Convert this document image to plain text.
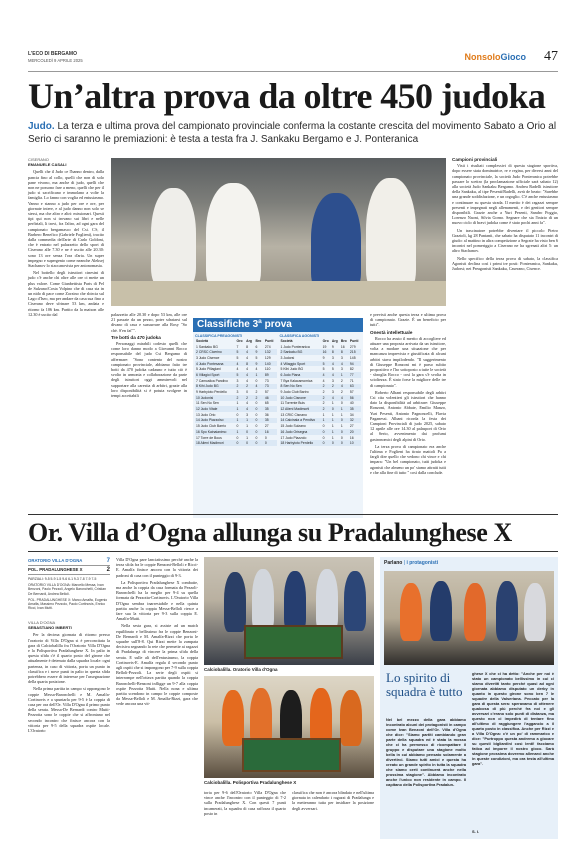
L'ECO DI BERGAMO
MERCOLEDÌ 9 APRILE 2025	NonsoloGioco 47
Un’altra prova da oltre 450 judoka
Judo. La terza e ultima prova del campionato provinciale conferma la costante crescita del movimento Sabato a Orio al Serio ci saranno le premiazioni: è testa a testa fra J. Sankaku Bergamo e J. Ponteranica
CISERANO
EMANUELE CASALI

Quelli che il Judo ce l'hanno dentro, dalla pancia fino al collo, quelli che non di solo pane vivono, ma anche di judo, quelli che non ne possono fare a meno, quelli che per il judo si sacrificano e immolano a volte la famiglia. Lo fanno con voglia ed entusiasmo. Vanno e stanno a judo per ore e ore, per giornate intere, e al judo danno non solo se stessi, ma che altro e altri: missionari. Questi tipi qui non si trovano sui libri e nelle perfiriali, li trovi, fra l'altro, ad ogni gara del campionato bergamasco del Csi. C'è, il Barbero Benefico (Gabriele Foglieni), tracito dalla commedia dell'arte di Carlo Goldoni, che è entrato nel palazzetto dello sport di Ciserano alle 7.30 e ne è uscito alle 20.30: sono 13 ore senza l'ora d'aria. Un super impegno e supergenio come neanche Aleksej Stachanov lo staccanovista per antonomasia.

Nel bottello degli istruttori cinesini di judo c'è anche chi oltre alle ore ci mette un plus valore. Come Gianbettista Paris di Pel de Sulzano/Costa Volpino che di casa sta in un nido di pace come Zorzino che sbircia sul Lago d'Iseo, ma per andare da casa sua fino a Ciserano deve sfrinare 53 km, andata e ritorno fa 106 km. Partito da la maison alle 12.30 è uscito dal	palazzetto alle 20.30 e dopo 53 km, alle ore 21 passate da un pezzo, poter sdraiarsi sul divano di casa e sussurrare alla Rosy "So chè. S'en fat"".

Tre botti da 470 judoka

Personaggi mirabili codesto quelli che come loro danno modo a Giovanni Rocco responsabile del judo Csi Bergamo di affermare: "Sono contento del nostro campionato provinciale, abbiamo fatto tre botti da 470 judoka cadauno e tutto ciò è svolto in armonia e collaborazione da parte degli istruttori oggi ammirevoli nel supportare alla carestia di arbitri, grazie alla loro disponibilità si è potuta svolgere in tempi accettabili

Classifiche 3ª prova
CLASSIFICA PREAGONISTI
Società	Oro	Arg	Bro	Punti
1 Sankaku BG	7	8	6	274
2 CRSC Cicerino	5	4	9	132
3 Judo Cisence	5	4	5	129
4 Judo Pontesana	4	8	9	140
5 Judo Pillaglani	4	4	4	110
6 Villagioi Sport	5	4	1	89
7 Camcalica Pandivo	3	4	0	73
8 Kihi Judo BG	2	2	4	73
9 Harbyioto Perdello	3	0	2	57
10 Judonisi	2	2	2	46
11 Sen No Sen	1	4	0	65
12 Judo Vitale	1	4	0	35
13 Judo Orio	0	3	0	36
14 Judo Piazzolso	1	1	0	35
15 Judo Club Barrio	0	1	0	27
16 Spo Kainaianimo	1	0	0	16
17 Torre de Bous	0	1	0	0
18 Alieni Madimori	0	0	0	0
CLASSIFICA AGONISTI
Società	Oro	Arg	Bro	Punti
1 Judo Ponteranica	19	9	16	279
2 Sankaku BG	16	8	8	215
3 Judorsi	9	3	3	145
4 Villaggio Sport	5	4	4	94
5 Kihi Judo BG	5	5	3	82
6 Judo Piana	4	4	1	77
7 Bya Kalacamomica	4	3	2	71
8 Sen No Sen	2	2	4	63
9 Judo Club Bariro	2	3	2	57
10 Judo Cisnone	2	4	4	56
11 Torrente Buis	2	1	0	40
12 Alieni Madimorti	2	0	1	35
13 CRIC Cisnano	1	1	1	34
14 Calcinala a Pendivo	1	1	0	32
15 Judo Sulzano	0	1	1	27
16 Judo Orisegna	0	1	0	20
17 Judo Piazzolo	0	1	0	16
18 Harbyioto Perdello	0	0	0	10

e previsti anche questa terza e ultima prova di campionato. Grazie. È un beneficio per tutti".

Onestà intellettuale

Rocco ha avuto il merito di accogliere ed attuare una proposta arrivata da un istruttore, volta a modare una situazione che per mancanza imprevista e giustificata di alcuni arbitri stava impilodendo. "Il suggerimento di Giuseppe Ronzoni mi è parso subito propositivo e l'ho sottoposto a tutte le società - sbroglia Rocco - così la gara s'è svolta in scioltezza. È stato forse la migliore delle tre di campionato".

Roberto Albani responsabile degli arbitri Csi cita volentieri gli istruttori che hanno dato la disponibilità ad arbitrare: Giuseppe Ronzoni, Antonio Abbate, Emilio Manzo, Yuri Pesenti, Antonio Pagnoncelli, Flavia Paganessi. Albani ricorda la festa dei Campioni Provinciali di judo 2025, sabato 12 aprile alle ore 14.30 al palasport di Orio al Serio, avvenimento dai profumi gastronomici degli alpini di Orio.

La terza prova di campionato era anche l'ultima e Foglieni ha tirato mattoli Pa a fargli dire quello che vedono chi vince e chi impara: "Un bel campionato, tutti judoka e agonisti che almeno un po' siamo attratti tutti e che alla fine di tutto " così dalla conclude.

Campioni provinciali

Visti i risultati complessivi di questa stagione sportiva, dopo essere stata dominatrice, re e regina, per diversi anni del campionato provinciale, la società Judo Ponteranica potrebbe passare lo scettro (la proclamazione ufficiale sarà sabato 12) alla società Judo Sankaku Bergamo. Andrea Radelli istruttore della Sankaku, al tipe Pesenti/Radelli, avrà de beato: "Sarebbe una grande soddisfazione, e un orgoglio. C'è anche entusiasmo e continuare su questa strada. Il merito è dei ragazzi sempre presenti e impegnati negli allenamenti, e dei genitori sempre disponibili. Grazie anche a Yuri Pesenti, Sandro Poggio, Lorenzo Naoni, Silvia Gorno. Segnare che sia l'inizio di un nuovo ciclo di bravi judoka come è stato pochi anni fa".

Un trascinatore potrebbe diventare il piccolo Pietro Grazioli, kg 28 Pantanii, che sabato ha disputato 11 incontri di giudo: al mattino in altra competizione a Segrate ha visto ben 6 incontri nel pomeriggio a Ciserano ne ha sgrenati altri 5: un altro Stachanov.

Nello specifico della terza prova di sabato, la classifica Agonisti declina così i primi tre posti: Ponteranica, Sankaku, Judorsi; nei Preagonisti Sankaku, Caserano, Cisence.

Or. Villa d’Ogna allunga su Pradalunghese X
ORATORIO VILLA D'OGNA	7
POL. PRADALUNGHESE X	2
PARZIALI: 9-5 5-9 1-5 9-6 6-1 9-3 7-8 7-9 7-5
ORATORIO VILLA D'OGNA: Marcello Messa, Ivan Benzoni, Paolo Pezzoli, Angelo Baronchelli, Cristian De Bernardi, Andrea Belloli.
POL. PRADALUNGHESE X: Marco Amalfa, Eugenio Amalfa, Massimo Pezzolo, Paolo Cortinovis, Enrico Ricci, Ivan Mutti.
VILLA D'OGNA
SEBASTIANO IMBERTI

Per la decima giornata di ritorno presso l'oratorio di Villa D'Ogna si è perconcitata la gara di Calciobalilla fra l'Oratorio Villa D'Ogna e la Polisportiva Pradalunghese X. In palio in questa sfida c'è il quarto posto del girone che attualmente è detenuto dalla squadra locale: ogni partenza, in caso di vittoria, porta un punto in classifica e i nove punti in palio in questa sfida potrebbero essere di interesse per l'assegnazione della quarta posizione.

Nella prima partita in campo si oppongono le coppie Messa-Baronchelli e M. Amalfa-Cortinovis e a spuntarla per 9-5 è la coppia di casa per ora dell'Or. Villa D'Ogna il primo punto della serata. Messa-De Bernardi contro Mutti-Pezzotta sono le coppie che si affrontano nel secondo incontro che finisce ancora con la vittoria per 9-5 della squadra ospite locale. L'Oratorio

Villa D'Ogna pare lanciatissimo perché anche la terza sfida fra le coppie Benzoni-Belloli e Ricci-E. Amalfa finisce ancora con la vittoria dei padroni di casa con il punteggio di 9-3.

La Polisportiva Pradalunghese X combatte, ma anche la coppia da casa formata da Pezzoli-Baronchelli ha la meglio per 9-4 su quella formata da Pezzotta-Cortinovis. L'Oratorio Villa D'Ogna sembra inarrestabile e nella quinta partita anche la coppia Messa-Belloli riesce a fare sua la vittoria per 9-3 sulla coppia E. Amalfa-Mutti.

Nella sesta gara, si assiste ad un match equilibrato e bellissimo fra le coppie Benzoni-De Bernardi e M. Amalfa-Rizzi che porta le squadre sull'8-8. Qui Rizzi mette la zampata decisiva segnando la rete che permette ai ragazzi di Pradalunga di vincere la prima sfida della serata. E sulle ali dell'entusiasmo, la coppia Cortinovis-E. Amalfa regala il secondo punto agli ospiti che si impongono per 7-9 sulla coppia Belloli-Pezzoli. La serie degli ospiti si interrompe nell'ottava partita quando la coppia Baronchelli-Benzoni infligge un 9-7 alla coppia ospite Pezzotta Mutti. Nella nona e ultima partita scendono in campo le coppie composte da Messa-Belloli e M. Amalfa-Rizzi, gara che vede ancora una vit-

Calciobalilla. Oratorio Villa d'Ogna
Calciobalilla. Polisportiva Pradalunghese X

toria per 9-6 dell'Oratorio Villa D'Ogna che vince anche l'incontro con il punteggio di 7-2 sulla Pradalunghese X. Con questi 7 punti incamerati, la squadra di casa rafforza il quarto posto in

classifica che non è ancora blindato e nell'ultima giornata in calendario i ragazzi di Pradalunga e la metteranno tutta per insidiare la posizione degli avversari.

Parlano | i protagonisti
Lo spirito di squadra è tutto
Nel bel mezzo della gara abbiamo incontrato alcuni dei protagonisti in campo come Ivan Benzoni dell'Or. Villa d'Ogna che dice: "Siamo partiti cambiando gran parte della squadra ed è stata la mossa che ci ha permesso di ricompattare il gruppo e disputare una stagione molto bella in cui abbiamo pensato solamente a divertirci. Siamo tutti amici e questa ha creato un grande spirito in tutta la squadra che siamo certi continuerà anche nella prossima stagione". Abbiamo incontrato anche l'unico non residente in campo. Il capitano della Polisportiva Pradalun-
ghese X che ci ha detto: "Anche per noi è stato un campionato bellissimo in cui ci siamo divertiti tanto perché quasi ad ogni giornata abbiamo disputato un derby in quanto in questo girone sono ben 7 le squadre della Valseriana. Peccato per la gara di questa sera: speravamo di ottenere qualcosa di più perché fra noi e gli avversari c'erano solo punti di distanza, ma questo non ci impedirà di tentare fino all'ultimo di raggiungere l'aggancio a il quarto posto in classifica. Anche per Rizzi e a Villa D'Ogna: c'è un po' di rammarico e dice: "Purtroppo questa andremo a giocare su questi bigliardini così lenti! facciamo fatica ad imporre il nostro gioco. Sarà stagione prossima dovremo allenarci anche in queste condizioni, ma ora testa all'ultima gara".
S. I.
